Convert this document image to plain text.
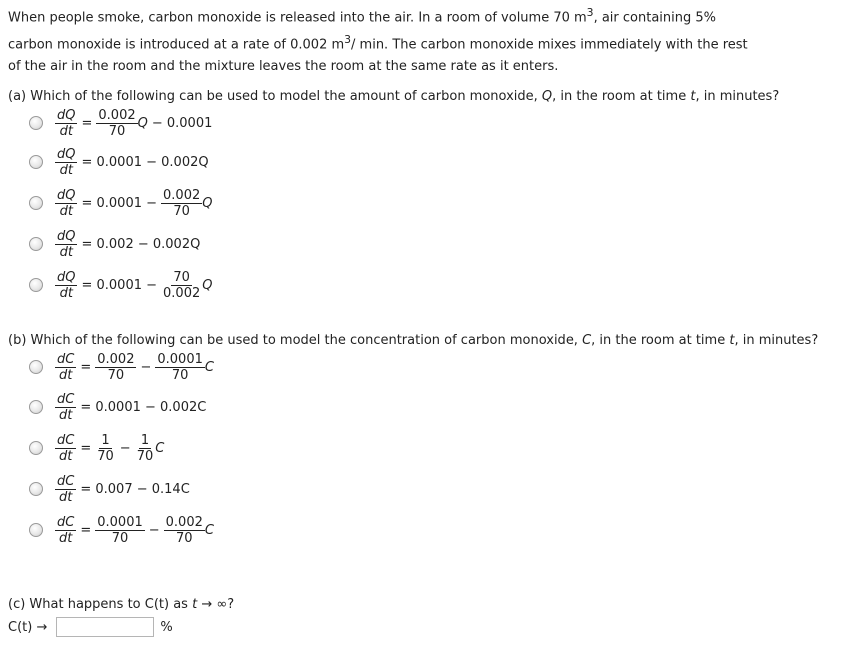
When people smoke, carbon monoxide is released into the air. In a room of volume 70 $m^3$, air containing 5%

carbon monoxide is introduced at a rate of 0.002 $m^3/$ min. The carbon monoxide mixes immediately with the rest

of the air in the room and the mixture leaves the room at the same rate as it enters.

(a) Which of the following can be used to model the amount of carbon monoxide, Q, in the room at time t, in minutes?
$\frac{dQ}{dt} = \frac{0.002}{70}$ Q − 0.0001
$\frac{dQ}{dt} = 0.0001 - 0.002Q$
$\frac{dQ}{dt} = 0.0001 - \frac{0.002}{70}$ Q
$\frac{dQ}{dt} = 0.002 - 0.002Q$
$\frac{dQ}{dt} = 0.0001 - \frac{70}{0.002}$ Q
(b) Which of the following can be used to model the concentration of carbon monoxide, C, in the room at time t, in minutes?
$\frac{dC}{dt} = \frac{0.002}{70} - \frac{0.0001}{70}$ C
$\frac{dC}{dt} = 0.0001 - 0.002C$
$\frac{dC}{dt} = \frac{1}{70} - \frac{1}{70}$ C
$\frac{dC}{dt} = 0.007 - 0.14C$
$\frac{dC}{dt} = \frac{0.0001}{70} - \frac{0.002}{70}$ C
(c) What happens to C(t) as t → ∞?
C(t) →	%
